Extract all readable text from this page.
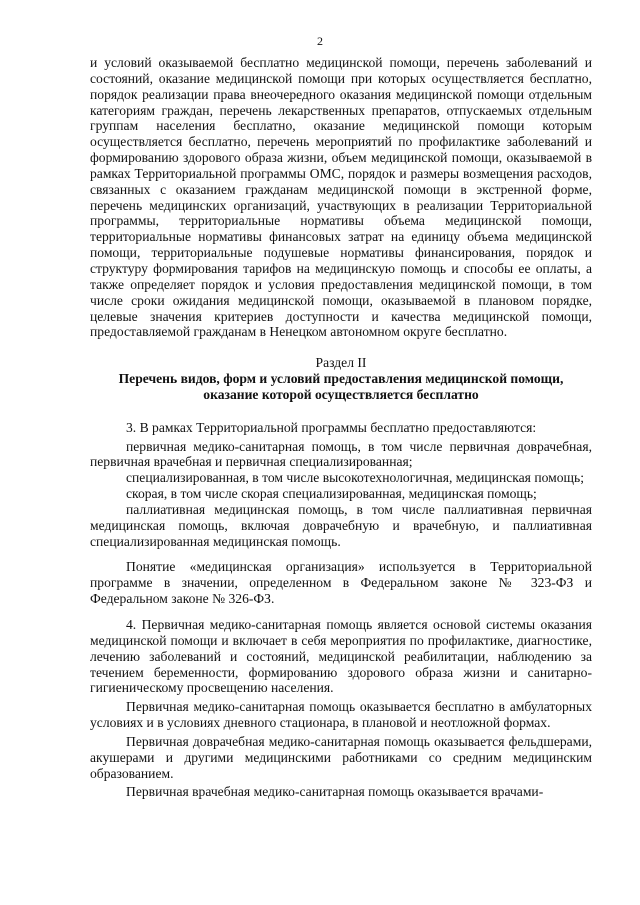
2

и условий оказываемой бесплатно медицинской помощи, перечень заболеваний и состояний, оказание медицинской помощи при которых осуществляется бесплатно, порядок реализации права внеочередного оказания медицинской помощи отдельным категориям граждан, перечень лекарственных препаратов, отпускаемых отдельным группам населения бесплатно, оказание медицинской помощи которым осуществляется бесплатно, перечень мероприятий по профилактике заболеваний и формированию здорового образа жизни, объем медицинской помощи, оказываемой в рамках Территориальной программы ОМС, порядок и размеры возмещения расходов, связанных с оказанием гражданам медицинской помощи в экстренной форме, перечень медицинских организаций, участвующих в реализации Территориальной программы, территориальные нормативы объема медицинской помощи, территориальные нормативы финансовых затрат на единицу объема медицинской помощи, территориальные подушевые нормативы финансирования, порядок и структуру формирования тарифов на медицинскую помощь и способы ее оплаты, а также определяет порядок и условия предоставления медицинской помощи, в том числе сроки ожидания медицинской помощи, оказываемой в плановом порядке, целевые значения критериев доступности и качества медицинской помощи, предоставляемой гражданам в Ненецком автономном округе бесплатно.

Раздел II

Перечень видов, форм и условий предоставления медицинской помощи, оказание которой осуществляется бесплатно

3. В рамках Территориальной программы бесплатно предоставляются:

первичная медико-санитарная помощь, в том числе первичная доврачебная, первичная врачебная и первичная специализированная;

специализированная, в том числе высокотехнологичная, медицинская помощь;

скорая, в том числе скорая специализированная, медицинская помощь;

паллиативная медицинская помощь, в том числе паллиативная первичная медицинская помощь, включая доврачебную и врачебную, и паллиативная специализированная медицинская помощь.

Понятие «медицинская организация» используется в Территориальной программе в значении, определенном в Федеральном законе № 323-ФЗ и Федеральном законе № 326-ФЗ.

4. Первичная медико-санитарная помощь является основой системы оказания медицинской помощи и включает в себя мероприятия по профилактике, диагностике, лечению заболеваний и состояний, медицинской реабилитации, наблюдению за течением беременности, формированию здорового образа жизни и санитарно-гигиеническому просвещению населения.

Первичная медико-санитарная помощь оказывается бесплатно в амбулаторных условиях и в условиях дневного стационара, в плановой и неотложной формах.

Первичная доврачебная медико-санитарная помощь оказывается фельдшерами, акушерами и другими медицинскими работниками со средним медицинским образованием.

Первичная врачебная медико-санитарная помощь оказывается врачами-
